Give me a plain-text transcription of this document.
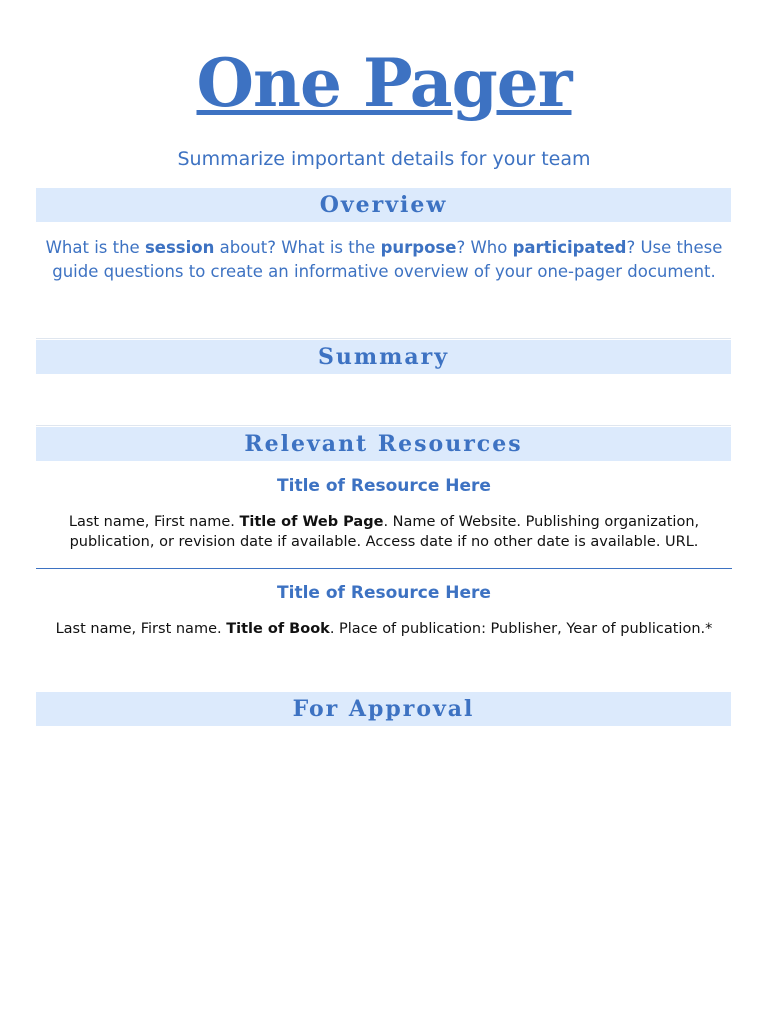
One Pager
Summarize important details for your team
Overview
What is the session about? What is the purpose? Who participated? Use these guide questions to create an informative overview of your one-pager document.
Summary
Relevant Resources
Title of Resource Here
Last name, First name. Title of Web Page. Name of Website. Publishing organization, publication, or revision date if available. Access date if no other date is available. URL.
Title of Resource Here
Last name, First name. Title of Book. Place of publication: Publisher, Year of publication.*
For Approval
